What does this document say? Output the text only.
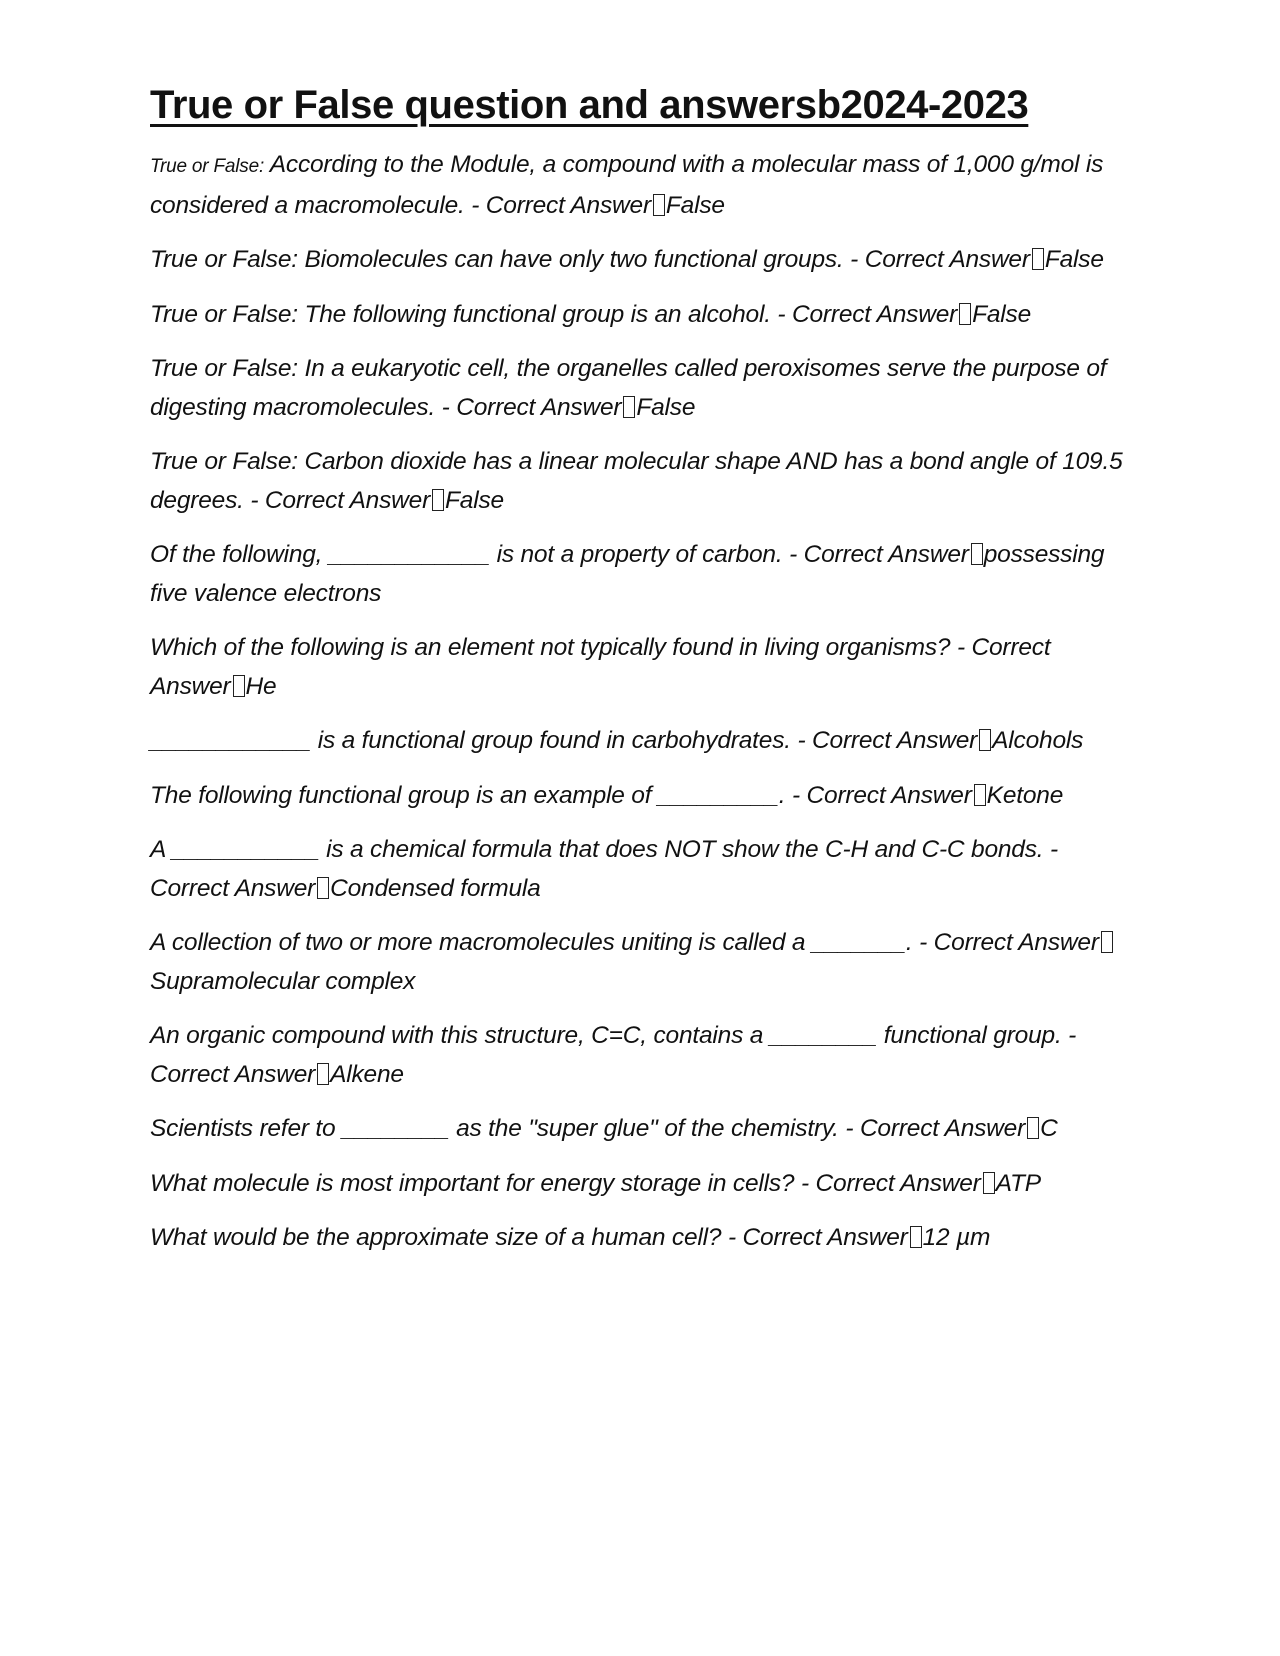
True or False question and answersb2024-2023
True or False: According to the Module, a compound with a molecular mass of 1,000 g/mol is considered a macromolecule. - Correct Answer False
True or False: Biomolecules can have only two functional groups. - Correct Answer False
True or False: The following functional group is an alcohol. - Correct Answer False
True or False: In a eukaryotic cell, the organelles called peroxisomes serve the purpose of digesting macromolecules. - Correct Answer False
True or False: Carbon dioxide has a linear molecular shape AND has a bond angle of 109.5 degrees. - Correct Answer False
Of the following, ____________ is not a property of carbon. - Correct Answer possessing five valence electrons
Which of the following is an element not typically found in living organisms? - Correct Answer He
____________ is a functional group found in carbohydrates. - Correct Answer Alcohols
The following functional group is an example of _________. - Correct Answer Ketone
A ___________ is a chemical formula that does NOT show the C-H and C-C bonds. - Correct Answer Condensed formula
A collection of two or more macromolecules uniting is called a _______. - Correct AnswerSupramolecular complex
An organic compound with this structure, C=C, contains a ________ functional group. - Correct Answer Alkene
Scientists refer to ________ as the "super glue" of the chemistry. - Correct Answer C
What molecule is most important for energy storage in cells? - Correct Answer ATP
What would be the approximate size of a human cell? - Correct Answer 12 µm
